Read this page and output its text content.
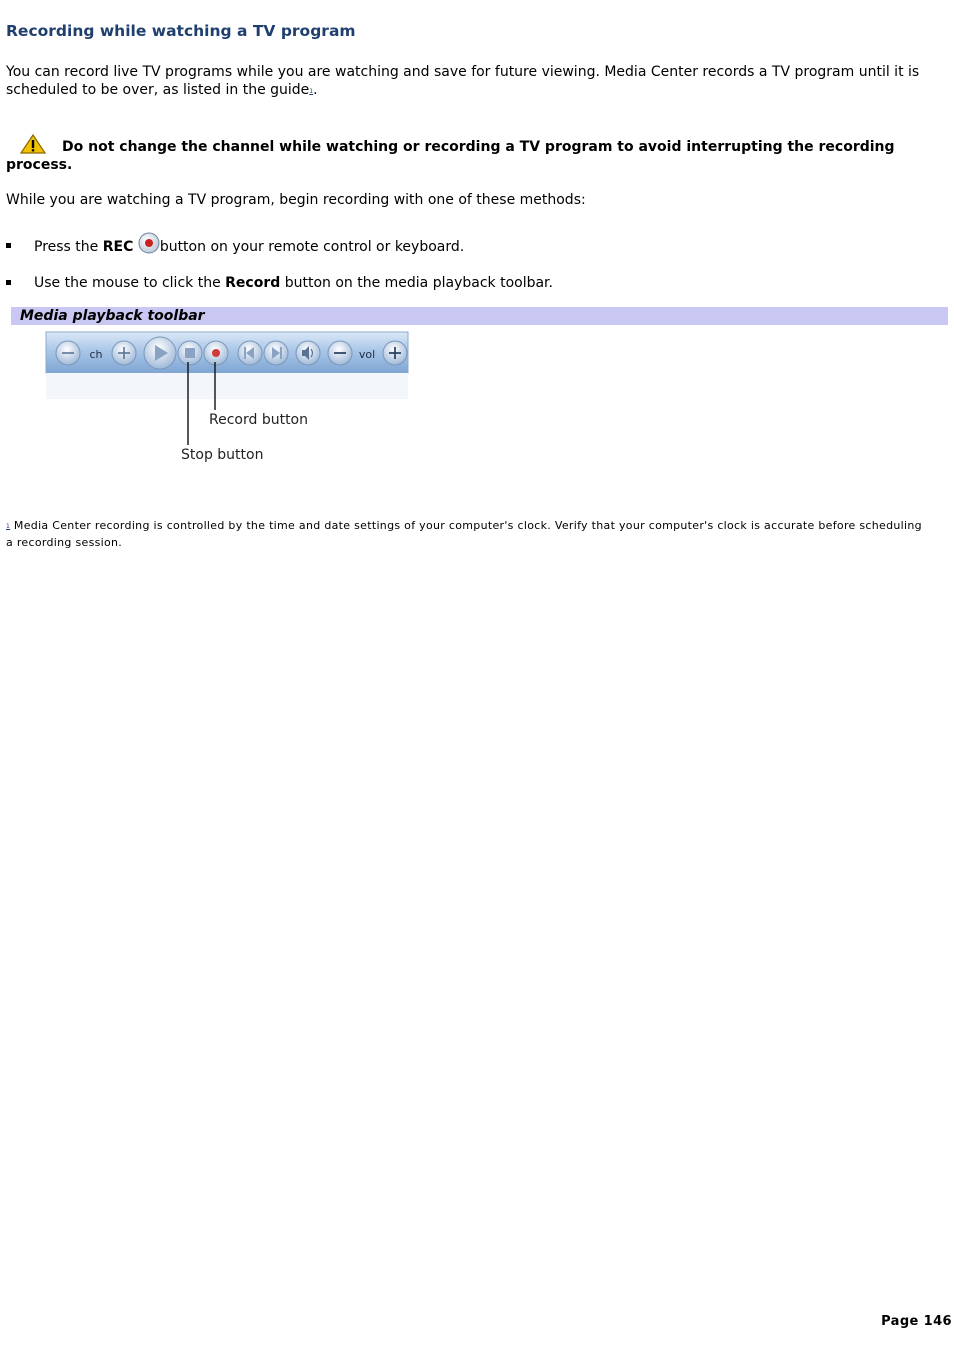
Recording while watching a TV program

You can record live TV programs while you are watching and save for future viewing. Media Center records a TV program until it is scheduled to be over, as listed in the guide1.

Do not change the channel while watching or recording a TV program to avoid interrupting the recording process.

While you are watching a TV program, begin recording with one of these methods:

Press the REC button on your remote control or keyboard.
Use the mouse to click the Record button on the media playback toolbar.
Media playback toolbar
ch	vol
Record button
Stop button

1 Media Center recording is controlled by the time and date settings of your computer's clock. Verify that your computer's clock is accurate before scheduling a recording session.

Page 146
